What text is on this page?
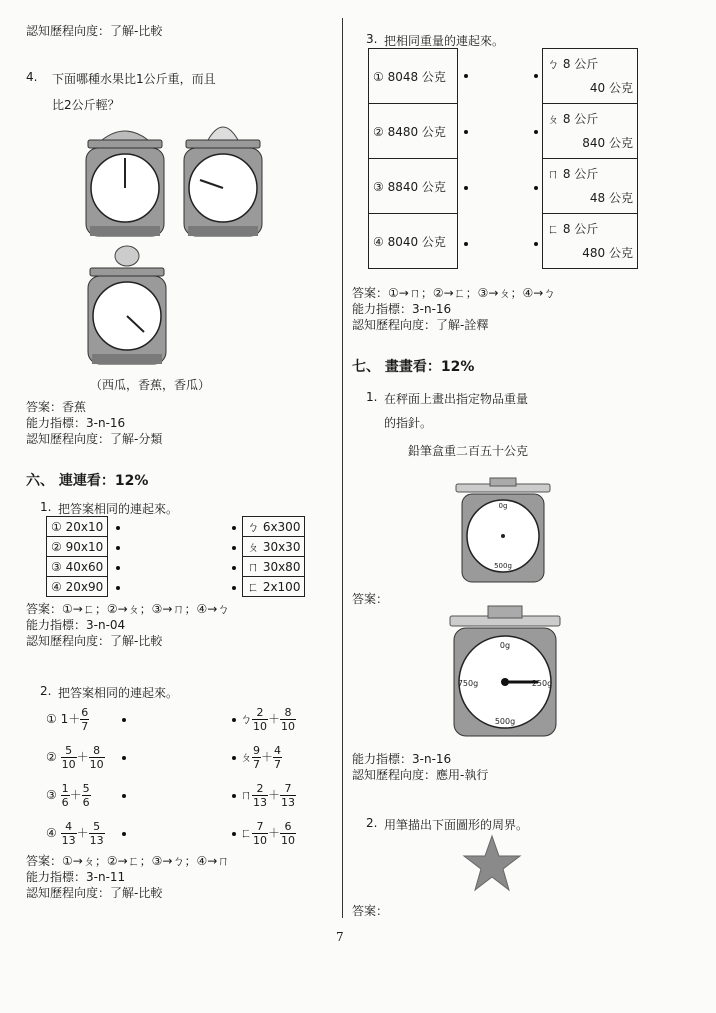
認知歷程向度：了解-比較
4. 下面哪種水果比1公斤重，而且
比2公斤輕？
（西瓜，香蕉，香瓜）
答案：香蕉
能力指標：3-n-16
認知歷程向度：了解-分類
六、 連連看：12%
1. 把答案相同的連起來。
① 20x10
② 90x10
③ 40x60
④ 20x90
ㄅ 6x300
ㄆ 30x30
ㄇ 30x80
ㄈ 2x100
答案：①→ㄈ；②→ㄆ；③→ㄇ；④→ㄅ
能力指標：3-n-04
認知歷程向度：了解-比較
2. 把答案相同的連起來。
① $1+ \frac{6}{7}$
② $\frac{5}{10} + \frac{8}{10}$
③ $\frac{1}{6} + \frac{5}{6}$
④ $\frac{4}{13} + \frac{5}{13}$
ㄅ $\frac{2}{10} + \frac{8}{10}$
ㄆ $\frac{9}{7} + \frac{4}{7}$
ㄇ $\frac{2}{13} + \frac{7}{13}$
ㄈ $\frac{7}{10} + \frac{6}{10}$
答案：①→ㄆ；②→ㄈ；③→ㄅ；④→ㄇ
能力指標：3-n-11
認知歷程向度：了解-比較
3. 把相同重量的連起來。
① 8048 公克
② 8480 公克
③ 8840 公克
④ 8040 公克
ㄅ 8 公斤
40 公克

ㄆ 8 公斤
840 公克

ㄇ 8 公斤
48 公克

ㄈ 8 公斤
480 公克
答案：①→ㄇ；②→ㄈ；③→ㄆ；④→ㄅ
能力指標：3-n-16
認知歷程向度：了解-詮釋
七、 畫畫看：12%
1. 在秤面上畫出指定物品重量
的指針。
鉛筆盒重二百五十公克
0g
500g
答案：
0g
250g
500g
750g
能力指標：3-n-16
認知歷程向度：應用-執行
2. 用筆描出下面圖形的周界。
答案：
7
